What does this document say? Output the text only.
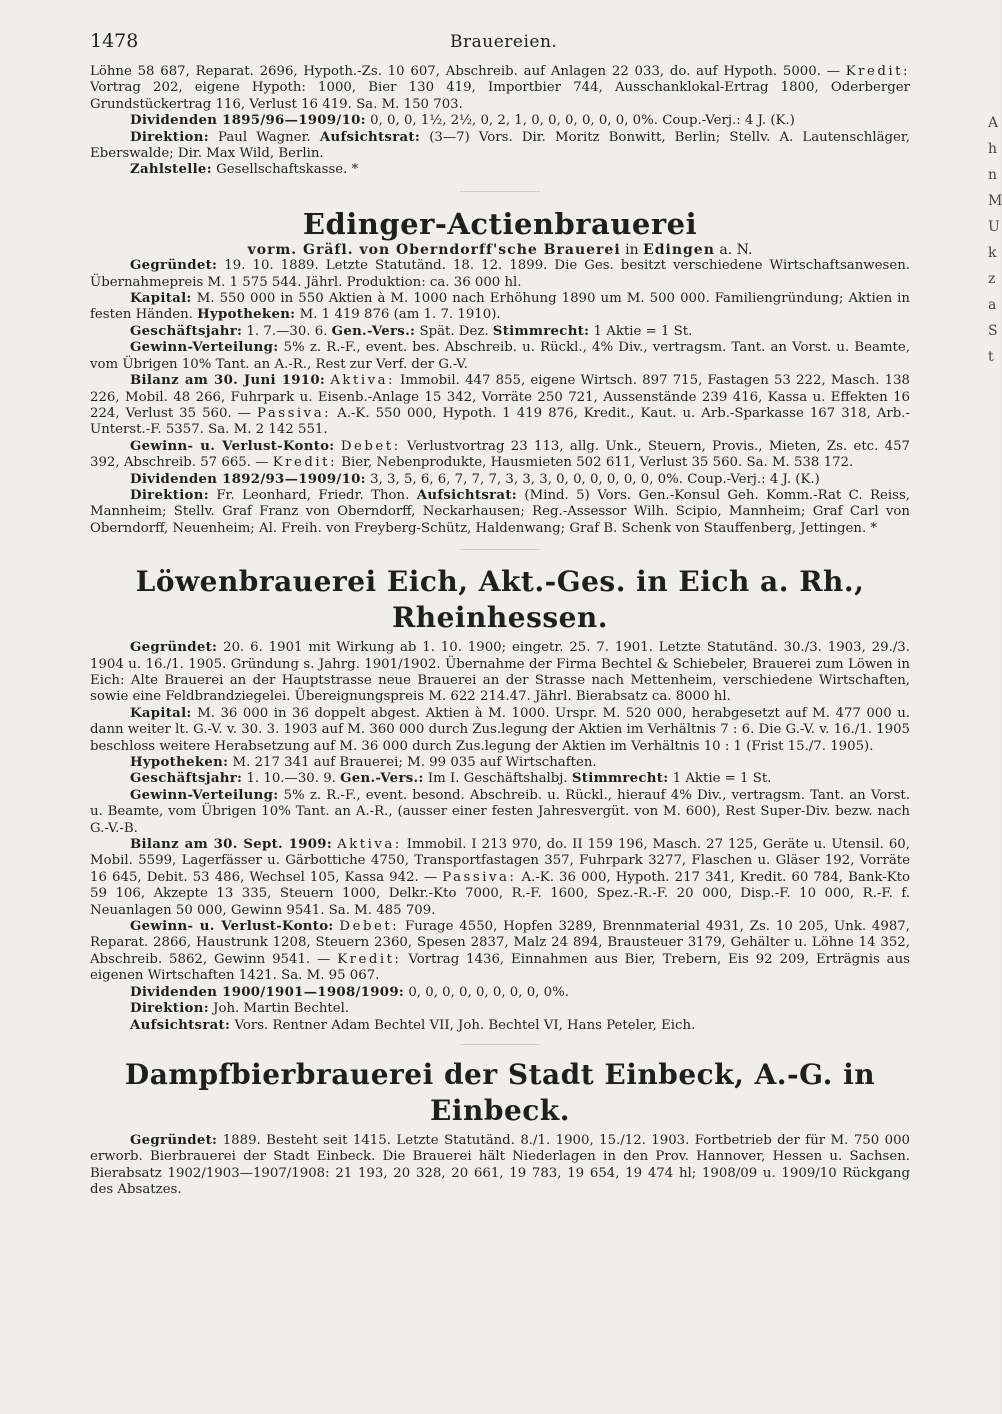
1478	Brauereien.

Löhne 58 687, Reparat. 2696, Hypoth.-Zs. 10 607, Abschreib. auf Anlagen 22 033, do. auf Hypoth. 5000. — Kredit: Vortrag 202, eigene Hypoth: 1000, Bier 130 419, Importbier 744, Ausschanklokal-Ertrag 1800, Oderberger Grundstückertrag 116, Verlust 16 419. Sa. M. 150 703.

Dividenden 1895/96—1909/10: 0, 0, 0, 1½, 2½, 0, 2, 1, 0, 0, 0, 0, 0, 0, 0%. Coup.-Verj.: 4 J. (K.)

Direktion: Paul Wagner. Aufsichtsrat: (3—7) Vors. Dir. Moritz Bonwitt, Berlin; Stellv. A. Lautenschläger, Eberswalde; Dir. Max Wild, Berlin.

Zahlstelle: Gesellschaftskasse. *

Edinger-Actienbrauerei

vorm. Gräfl. von Oberndorff'sche Brauerei in Edingen a. N.

Gegründet: 19. 10. 1889. Letzte Statutänd. 18. 12. 1899. Die Ges. besitzt verschiedene Wirtschaftsanwesen. Übernahmepreis M. 1 575 544. Jährl. Produktion: ca. 36 000 hl.

Kapital: M. 550 000 in 550 Aktien à M. 1000 nach Erhöhung 1890 um M. 500 000. Familiengründung; Aktien in festen Händen. Hypotheken: M. 1 419 876 (am 1. 7. 1910).

Geschäftsjahr: 1. 7.—30. 6. Gen.-Vers.: Spät. Dez. Stimmrecht: 1 Aktie = 1 St.

Gewinn-Verteilung: 5% z. R.-F., event. bes. Abschreib. u. Rückl., 4% Div., vertragsm. Tant. an Vorst. u. Beamte, vom Übrigen 10% Tant. an A.-R., Rest zur Verf. der G.-V.

Bilanz am 30. Juni 1910: Aktiva: Immobil. 447 855, eigene Wirtsch. 897 715, Fastagen 53 222, Masch. 138 226, Mobil. 48 266, Fuhrpark u. Eisenb.-Anlage 15 342, Vorräte 250 721, Aussenstände 239 416, Kassa u. Effekten 16 224, Verlust 35 560. — Passiva: A.-K. 550 000, Hypoth. 1 419 876, Kredit., Kaut. u. Arb.-Sparkasse 167 318, Arb.-Unterst.-F. 5357. Sa. M. 2 142 551.

Gewinn- u. Verlust-Konto: Debet: Verlustvortrag 23 113, allg. Unk., Steuern, Provis., Mieten, Zs. etc. 457 392, Abschreib. 57 665. — Kredit: Bier, Nebenprodukte, Hausmieten 502 611, Verlust 35 560. Sa. M. 538 172.

Dividenden 1892/93—1909/10: 3, 3, 5, 6, 6, 7, 7, 7, 3, 3, 3, 0, 0, 0, 0, 0, 0, 0%. Coup.-Verj.: 4 J. (K.)

Direktion: Fr. Leonhard, Friedr. Thon. Aufsichtsrat: (Mind. 5) Vors. Gen.-Konsul Geh. Komm.-Rat C. Reiss, Mannheim; Stellv. Graf Franz von Oberndorff, Neckarhausen; Reg.-Assessor Wilh. Scipio, Mannheim; Graf Carl von Oberndorff, Neuenheim; Al. Freih. von Freyberg-Schütz, Haldenwang; Graf B. Schenk von Stauffenberg, Jettingen. *

Löwenbrauerei Eich, Akt.-Ges. in Eich a. Rh., Rheinhessen.

Gegründet: 20. 6. 1901 mit Wirkung ab 1. 10. 1900; eingetr. 25. 7. 1901. Letzte Statutänd. 30./3. 1903, 29./3. 1904 u. 16./1. 1905. Gründung s. Jahrg. 1901/1902. Übernahme der Firma Bechtel & Schiebeler, Brauerei zum Löwen in Eich: Alte Brauerei an der Hauptstrasse neue Brauerei an der Strasse nach Mettenheim, verschiedene Wirtschaften, sowie eine Feldbrandziegelei. Übereignungspreis M. 622 214.47. Jährl. Bierabsatz ca. 8000 hl.

Kapital: M. 36 000 in 36 doppelt abgest. Aktien à M. 1000. Urspr. M. 520 000, herabgesetzt auf M. 477 000 u. dann weiter lt. G.-V. v. 30. 3. 1903 auf M. 360 000 durch Zus.legung der Aktien im Verhältnis 7 : 6. Die G.-V. v. 16./1. 1905 beschloss weitere Herabsetzung auf M. 36 000 durch Zus.legung der Aktien im Verhältnis 10 : 1 (Frist 15./7. 1905).

Hypotheken: M. 217 341 auf Brauerei; M. 99 035 auf Wirtschaften.

Geschäftsjahr: 1. 10.—30. 9. Gen.-Vers.: Im I. Geschäftshalbj. Stimmrecht: 1 Aktie = 1 St.

Gewinn-Verteilung: 5% z. R.-F., event. besond. Abschreib. u. Rückl., hierauf 4% Div., vertragsm. Tant. an Vorst. u. Beamte, vom Übrigen 10% Tant. an A.-R., (ausser einer festen Jahresvergüt. von M. 600), Rest Super-Div. bezw. nach G.-V.-B.

Bilanz am 30. Sept. 1909: Aktiva: Immobil. I 213 970, do. II 159 196, Masch. 27 125, Geräte u. Utensil. 60, Mobil. 5599, Lagerfässer u. Gärbottiche 4750, Transportfastagen 357, Fuhrpark 3277, Flaschen u. Gläser 192, Vorräte 16 645, Debit. 53 486, Wechsel 105, Kassa 942. — Passiva: A.-K. 36 000, Hypoth. 217 341, Kredit. 60 784, Bank-Kto 59 106, Akzepte 13 335, Steuern 1000, Delkr.-Kto 7000, R.-F. 1600, Spez.-R.-F. 20 000, Disp.-F. 10 000, R.-F. f. Neuanlagen 50 000, Gewinn 9541. Sa. M. 485 709.

Gewinn- u. Verlust-Konto: Debet: Furage 4550, Hopfen 3289, Brennmaterial 4931, Zs. 10 205, Unk. 4987, Reparat. 2866, Haustrunk 1208, Steuern 2360, Spesen 2837, Malz 24 894, Brausteuer 3179, Gehälter u. Löhne 14 352, Abschreib. 5862, Gewinn 9541. — Kredit: Vortrag 1436, Einnahmen aus Bier, Trebern, Eis 92 209, Erträgnis aus eigenen Wirtschaften 1421. Sa. M. 95 067.

Dividenden 1900/1901—1908/1909: 0, 0, 0, 0, 0, 0, 0, 0, 0%.

Direktion: Joh. Martin Bechtel.

Aufsichtsrat: Vors. Rentner Adam Bechtel VII, Joh. Bechtel VI, Hans Peteler, Eich.

Dampfbierbrauerei der Stadt Einbeck, A.-G. in Einbeck.

Gegründet: 1889. Besteht seit 1415. Letzte Statutänd. 8./1. 1900, 15./12. 1903. Fortbetrieb der für M. 750 000 erworb. Bierbrauerei der Stadt Einbeck. Die Brauerei hält Niederlagen in den Prov. Hannover, Hessen u. Sachsen. Bierabsatz 1902/1903—1907/1908: 21 193, 20 328, 20 661, 19 783, 19 654, 19 474 hl; 1908/09 u. 1909/10 Rückgang des Absatzes.

A
h
n
M
U
k
z
a
S
t
